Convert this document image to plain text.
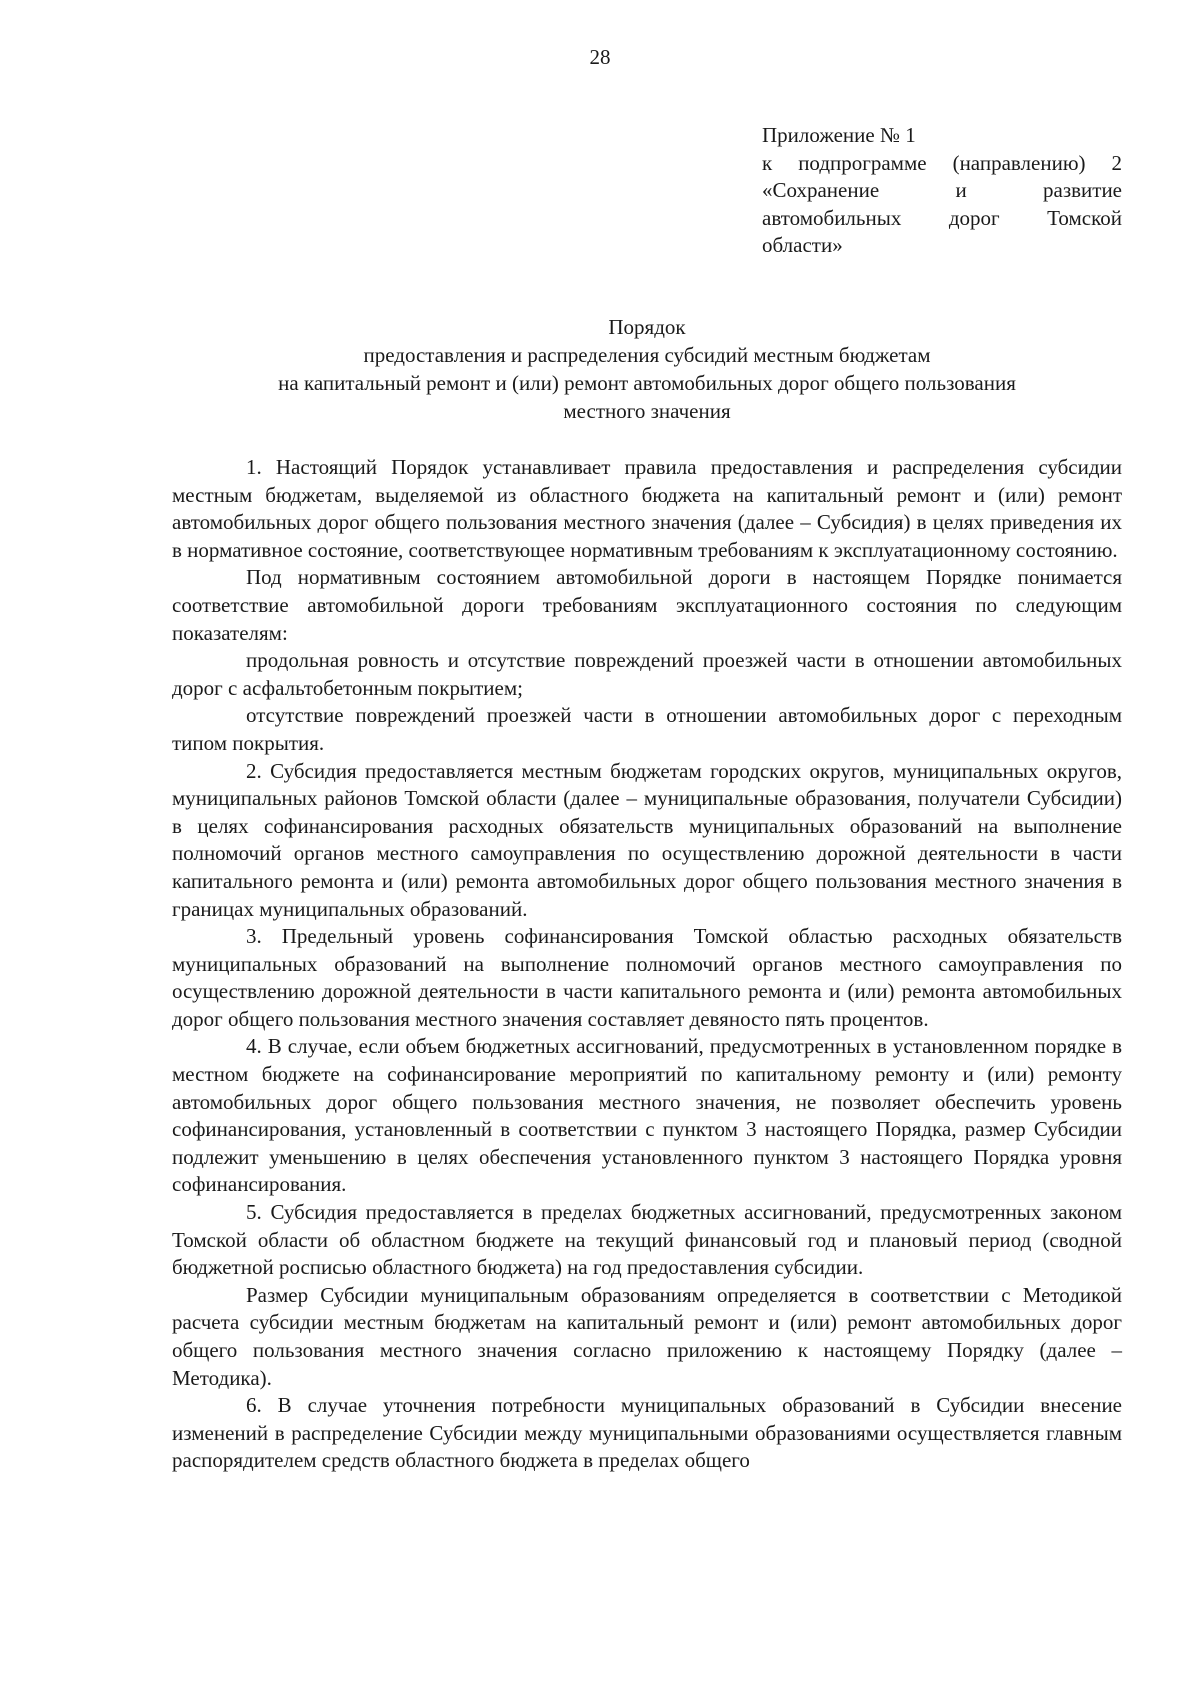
28
Приложение № 1
к подпрограмме (направлению) 2
«Сохранение и развитие
автомобильных дорог Томской
области»
Порядок
предоставления и распределения субсидий местным бюджетам
на капитальный ремонт и (или) ремонт автомобильных дорог общего пользования
местного значения

1. Настоящий Порядок устанавливает правила предоставления и распределения субсидии местным бюджетам, выделяемой из областного бюджета на капитальный ремонт и (или) ремонт автомобильных дорог общего пользования местного значения (далее – Субсидия) в целях приведения их в нормативное состояние, соответствующее нормативным требованиям к эксплуатационному состоянию.

Под нормативным состоянием автомобильной дороги в настоящем Порядке понимается соответствие автомобильной дороги требованиям эксплуатационного состояния по следующим показателям:

продольная ровность и отсутствие повреждений проезжей части в отношении автомобильных дорог с асфальтобетонным покрытием;

отсутствие повреждений проезжей части в отношении автомобильных дорог с переходным типом покрытия.

2. Субсидия предоставляется местным бюджетам городских округов, муниципальных округов, муниципальных районов Томской области (далее – муниципальные образования, получатели Субсидии) в целях софинансирования расходных обязательств муниципальных образований на выполнение полномочий органов местного самоуправления по осуществлению дорожной деятельности в части капитального ремонта и (или) ремонта автомобильных дорог общего пользования местного значения в границах муниципальных образований.

3. Предельный уровень софинансирования Томской областью расходных обязательств муниципальных образований на выполнение полномочий органов местного самоуправления по осуществлению дорожной деятельности в части капитального ремонта и (или) ремонта автомобильных дорог общего пользования местного значения составляет девяносто пять процентов.

4. В случае, если объем бюджетных ассигнований, предусмотренных в установленном порядке в местном бюджете на софинансирование мероприятий по капитальному ремонту и (или) ремонту автомобильных дорог общего пользования местного значения, не позволяет обеспечить уровень софинансирования, установленный в соответствии с пунктом 3 настоящего Порядка, размер Субсидии подлежит уменьшению в целях обеспечения установленного пунктом 3 настоящего Порядка уровня софинансирования.

5. Субсидия предоставляется в пределах бюджетных ассигнований, предусмотренных законом Томской области об областном бюджете на текущий финансовый год и плановый период (сводной бюджетной росписью областного бюджета) на год предоставления субсидии.

Размер Субсидии муниципальным образованиям определяется в соответствии с Методикой расчета субсидии местным бюджетам на капитальный ремонт и (или) ремонт автомобильных дорог общего пользования местного значения согласно приложению к настоящему Порядку (далее – Методика).

6. В случае уточнения потребности муниципальных образований в Субсидии внесение изменений в распределение Субсидии между муниципальными образованиями осуществляется главным распорядителем средств областного бюджета в пределах общего
